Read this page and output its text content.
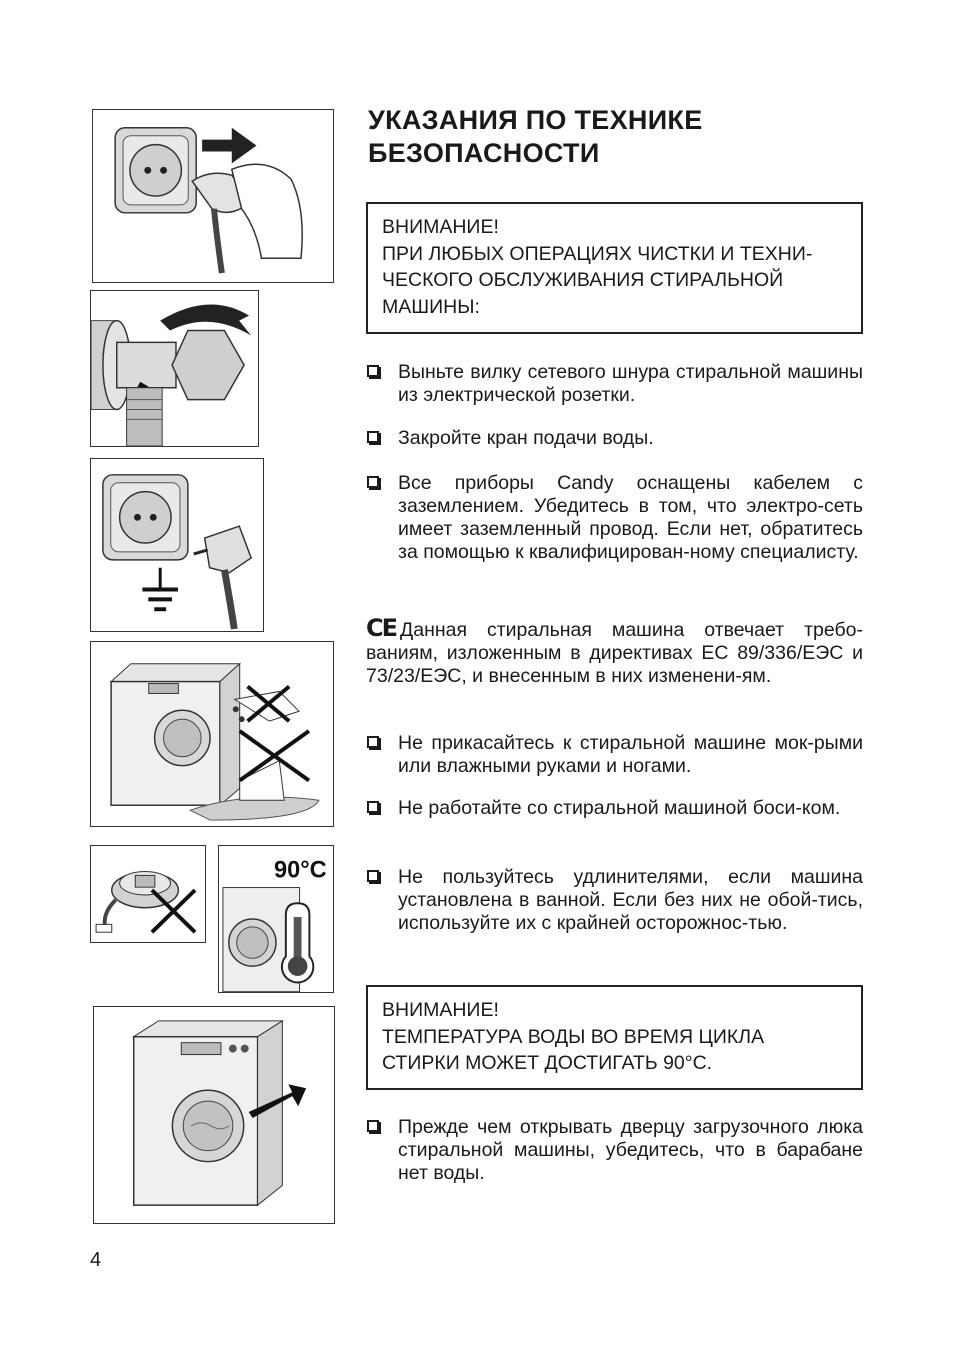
90°С
УКАЗАНИЯ ПО ТЕХНИКЕ
БЕЗОПАСНОСТИ
ВНИМАНИЕ!
ПРИ ЛЮБЫХ ОПЕРАЦИЯХ ЧИСТКИ И ТЕХНИ-
ЧЕСКОГО ОБСЛУЖИВАНИЯ СТИРАЛЬНОЙ
МАШИНЫ:
Выньте вилку сетевого шнура стиральной машины из электрической розетки.
Закройте кран подачи воды.
Все приборы Candy оснащены кабелем с заземлением. Убедитесь в том, что электро-сеть имеет заземленный провод. Если нет, обратитесь за помощью к квалифицирован-ному специалисту.
CE Данная стиральная машина отвечает требо-ваниям, изложенным в директивах ЕС 89/336/ЕЭС и 73/23/ЕЭС, и внесенным в них изменени-ям.
Не прикасайтесь к стиральной машине мок-рыми или влажными руками и ногами.
Не работайте со стиральной машиной боси-ком.
Не пользуйтесь удлинителями, если машина установлена в ванной. Если без них не обой-тись, используйте их с крайней осторожнос-тью.
ВНИМАНИЕ!
ТЕМПЕРАТУРА ВОДЫ ВО ВРЕМЯ ЦИКЛА
СТИРКИ МОЖЕТ ДОСТИГАТЬ 90°С.
Прежде чем открывать дверцу загрузочного люка стиральной машины, убедитесь, что в барабане нет воды.
4
